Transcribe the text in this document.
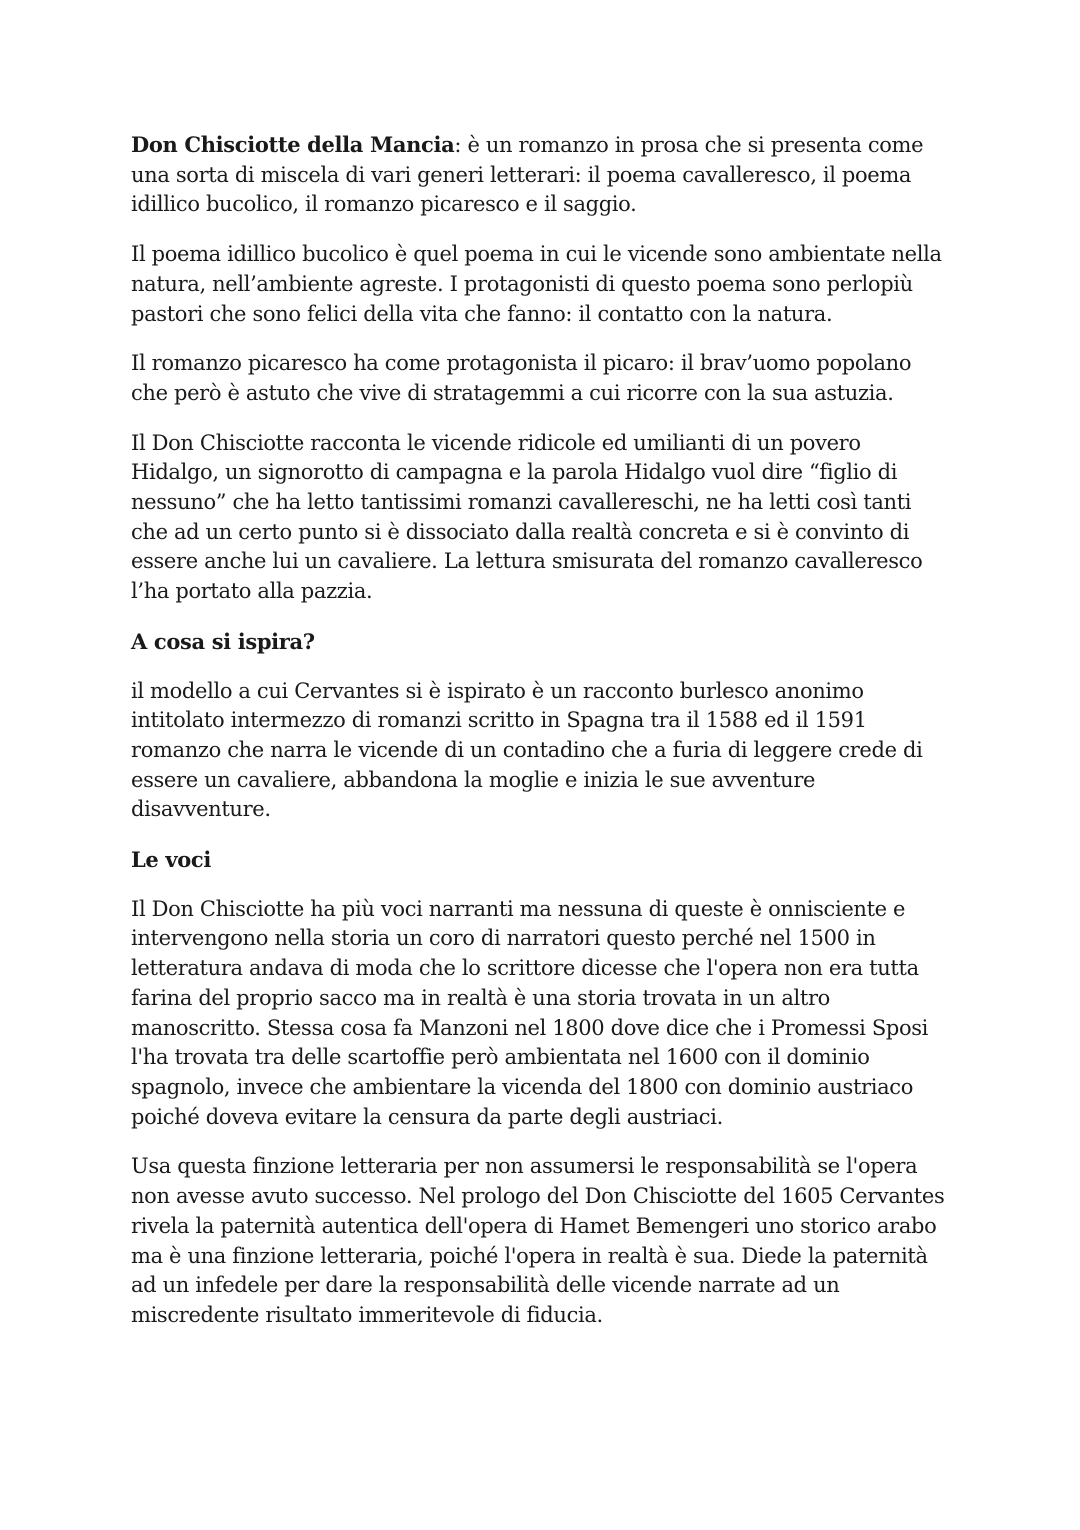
Don Chisciotte della Mancia: è un romanzo in prosa che si presenta come una sorta di miscela di vari generi letterari: il poema cavalleresco, il poema idillico bucolico, il romanzo picaresco e il saggio.

Il poema idillico bucolico è quel poema in cui le vicende sono ambientate nella natura, nell’ambiente agreste. I protagonisti di questo poema sono perlopiù pastori che sono felici della vita che fanno: il contatto con la natura.

Il romanzo picaresco ha come protagonista il picaro: il brav’uomo popolano che però è astuto che vive di stratagemmi a cui ricorre con la sua astuzia.

Il Don Chisciotte racconta le vicende ridicole ed umilianti di un povero Hidalgo, un signorotto di campagna e la parola Hidalgo vuol dire “figlio di nessuno” che ha letto tantissimi romanzi cavallereschi, ne ha letti così tanti che ad un certo punto si è dissociato dalla realtà concreta e si è convinto di essere anche lui un cavaliere. La lettura smisurata del romanzo cavalleresco l’ha portato alla pazzia.

A cosa si ispira?

il modello a cui Cervantes si è ispirato è un racconto burlesco anonimo intitolato intermezzo di romanzi scritto in Spagna tra il 1588 ed il 1591 romanzo che narra le vicende di un contadino che a furia di leggere crede di essere un cavaliere, abbandona la moglie e inizia le sue avventure disavventure.

Le voci

Il Don Chisciotte ha più voci narranti ma nessuna di queste è onnisciente e intervengono nella storia un coro di narratori questo perché nel 1500 in letteratura andava di moda che lo scrittore dicesse che l'opera non era tutta farina del proprio sacco ma in realtà è una storia trovata in un altro manoscritto. Stessa cosa fa Manzoni nel 1800 dove dice che i Promessi Sposi l'ha trovata tra delle scartoffie però ambientata nel 1600 con il dominio spagnolo, invece che ambientare la vicenda del 1800 con dominio austriaco poiché doveva evitare la censura da parte degli austriaci.

Usa questa finzione letteraria per non assumersi le responsabilità se l'opera non avesse avuto successo. Nel prologo del Don Chisciotte del 1605 Cervantes rivela la paternità autentica dell'opera di Hamet Bemengeri uno storico arabo ma è una finzione letteraria, poiché l'opera in realtà è sua. Diede la paternità ad un infedele per dare la responsabilità delle vicende narrate ad un miscredente risultato immeritevole di fiducia.
